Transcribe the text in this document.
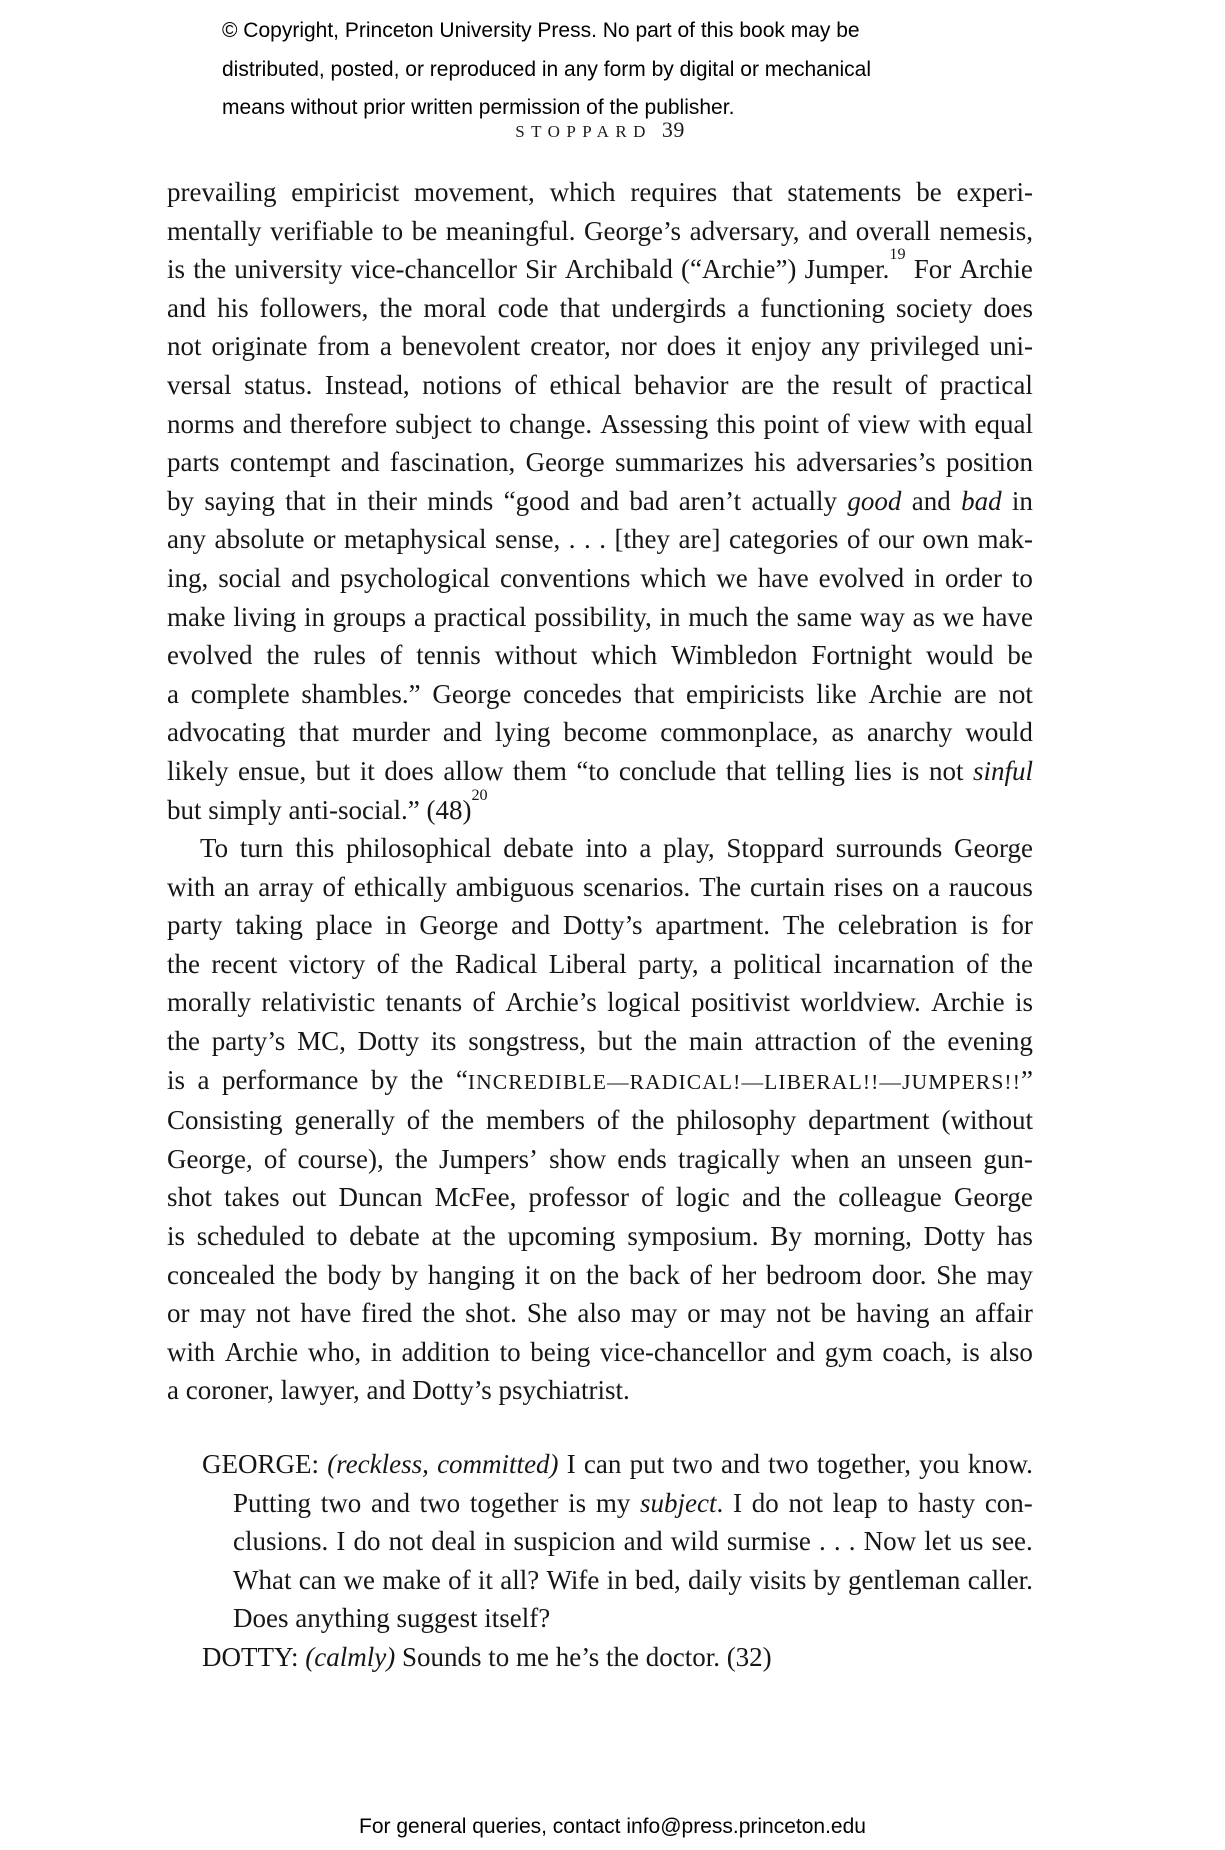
© Copyright, Princeton University Press. No part of this book may be
distributed, posted, or reproduced in any form by digital or mechanical
means without prior written permission of the publisher.
STOPPARD 39
prevailing empiricist movement, which requires that statements be experi-
mentally verifiable to be meaningful. George’s adversary, and overall nemesis,
is the university vice-chancellor Sir Archibald (“Archie”) Jumper.$^{19}$ For Archie
and his followers, the moral code that undergirds a functioning society does
not originate from a benevolent creator, nor does it enjoy any privileged uni-
versal status. Instead, notions of ethical behavior are the result of practical
norms and therefore subject to change. Assessing this point of view with equal
parts contempt and fascination, George summarizes his adversaries’s position
by saying that in their minds “good and bad aren’t actually good and bad in
any absolute or metaphysical sense, . . . [they are] categories of our own mak-
ing, social and psychological conventions which we have evolved in order to
make living in groups a practical possibility, in much the same way as we have
evolved the rules of tennis without which Wimbledon Fortnight would be
a complete shambles.” George concedes that empiricists like Archie are not
advocating that murder and lying become commonplace, as anarchy would
likely ensue, but it does allow them “to conclude that telling lies is not sinful
but simply anti-social.” $(48)^{20}$
To turn this philosophical debate into a play, Stoppard surrounds George
with an array of ethically ambiguous scenarios. The curtain rises on a raucous
party taking place in George and Dotty’s apartment. The celebration is for
the recent victory of the Radical Liberal party, a political incarnation of the
morally relativistic tenants of Archie’s logical positivist worldview. Archie is
the party’s MC, Dotty its songstress, but the main attraction of the evening
is a performance by the “INCREDIBLE—RADICAL!—LIBERAL!!—JUMPERS!!”
Consisting generally of the members of the philosophy department (without
George, of course), the Jumpers’ show ends tragically when an unseen gun-
shot takes out Duncan McFee, professor of logic and the colleague George
is scheduled to debate at the upcoming symposium. By morning, Dotty has
concealed the body by hanging it on the back of her bedroom door. She may
or may not have fired the shot. She also may or may not be having an affair
with Archie who, in addition to being vice-chancellor and gym coach, is also
a coroner, lawyer, and Dotty’s psychiatrist.
GEORGE: (reckless, committed) I can put two and two together, you know.
Putting two and two together is my subject. I do not leap to hasty con-
clusions. I do not deal in suspicion and wild surmise . . . Now let us see.
What can we make of it all? Wife in bed, daily visits by gentleman caller.
Does anything suggest itself?
DOTTY: (calmly) Sounds to me he’s the doctor. (32)
For general queries, contact info@press.princeton.edu
